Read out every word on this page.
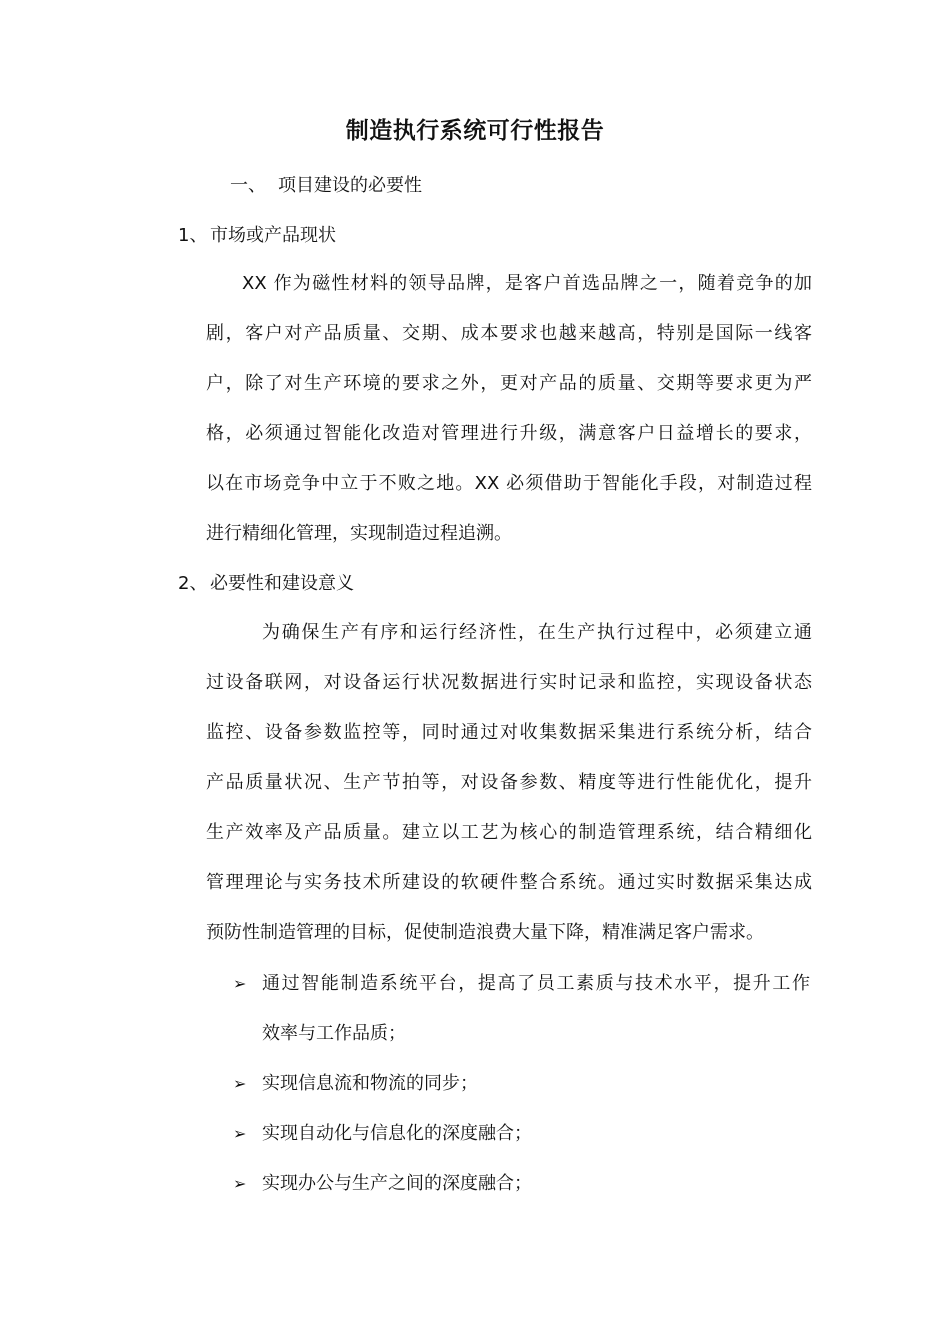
制造执行系统可行性报告
一、 项目建设的必要性
1、 市场或产品现状
XX 作为磁性材料的领导品牌，是客户首选品牌之一，随着竞争的加
剧，客户对产品质量、交期、成本要求也越来越高，特别是国际一线客
户，除了对生产环境的要求之外，更对产品的质量、交期等要求更为严
格，必须通过智能化改造对管理进行升级，满意客户日益增长的要求，
以在市场竞争中立于不败之地。XX 必须借助于智能化手段，对制造过程
进行精细化管理，实现制造过程追溯。
2、 必要性和建设意义
为确保生产有序和运行经济性，在生产执行过程中，必须建立通
过设备联网，对设备运行状况数据进行实时记录和监控，实现设备状态
监控、设备参数监控等，同时通过对收集数据采集进行系统分析，结合
产品质量状况、生产节拍等，对设备参数、精度等进行性能优化，提升
生产效率及产品质量。建立以工艺为核心的制造管理系统，结合精细化
管理理论与实务技术所建设的软硬件整合系统。通过实时数据采集达成
预防性制造管理的目标，促使制造浪费大量下降，精准满足客户需求。
➢ 通过智能制造系统平台，提高了员工素质与技术水平，提升工作
效率与工作品质；
➢ 实现信息流和物流的同步；
➢ 实现自动化与信息化的深度融合；
➢ 实现办公与生产之间的深度融合；
